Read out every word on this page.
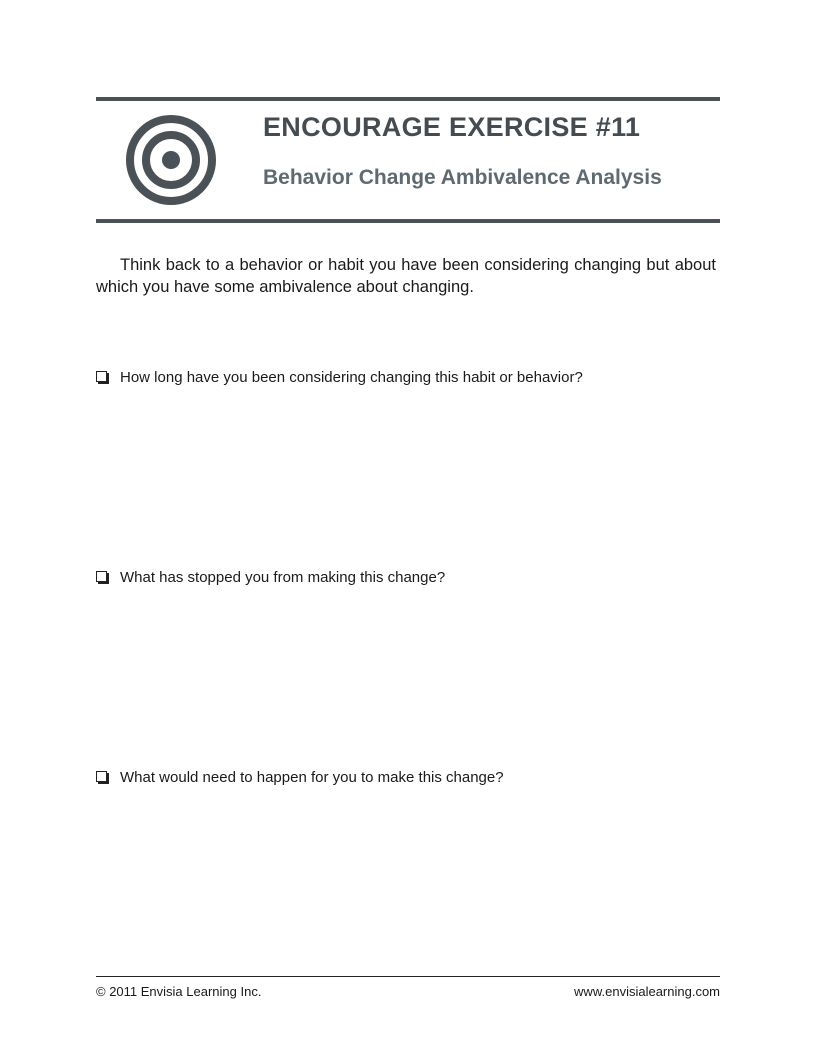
ENCOURAGE EXERCISE #11
Behavior Change Ambivalence Analysis

Think back to a behavior or habit you have been considering changing but about which you have some ambivalence about changing.

How long have you been considering changing this habit or behavior?
What has stopped you from making this change?
What would need to happen for you to make this change?
© 2011 Envisia Learning Inc.	www.envisialearning.com
